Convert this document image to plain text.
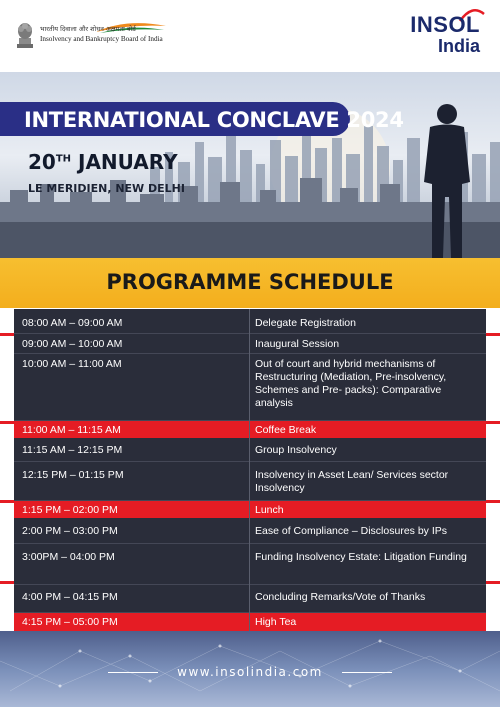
भारतीय दिवाला और शोधन अक्षमता बोर्ड
Insolvency and Bankruptcy Board of India
INSOL
India
INTERNATIONAL CONCLAVE 2024
20TH JANUARY
LE MERIDIEN, NEW DELHI
PROGRAMME SCHEDULE
08:00 AM – 09:00 AM	Delegate Registration
09:00 AM – 10:00 AM	Inaugural Session
10:00 AM – 11:00 AM	Out of court and hybrid mechanisms of Restructuring (Mediation, Pre-insolvency, Schemes and Pre- packs): Comparative analysis
11:00 AM – 11:15 AM	Coffee Break
11:15 AM – 12:15 PM	Group Insolvency
12:15 PM – 01:15 PM	Insolvency in Asset Lean/ Services sector Insolvency
1:15 PM – 02:00 PM	Lunch
2:00 PM – 03:00 PM	Ease of Compliance – Disclosures by IPs
3:00PM – 04:00 PM	Funding Insolvency Estate: Litigation Funding
4:00 PM – 04:15 PM	Concluding Remarks/Vote of Thanks
4:15 PM – 05:00 PM	High Tea
www.insolindia.com
